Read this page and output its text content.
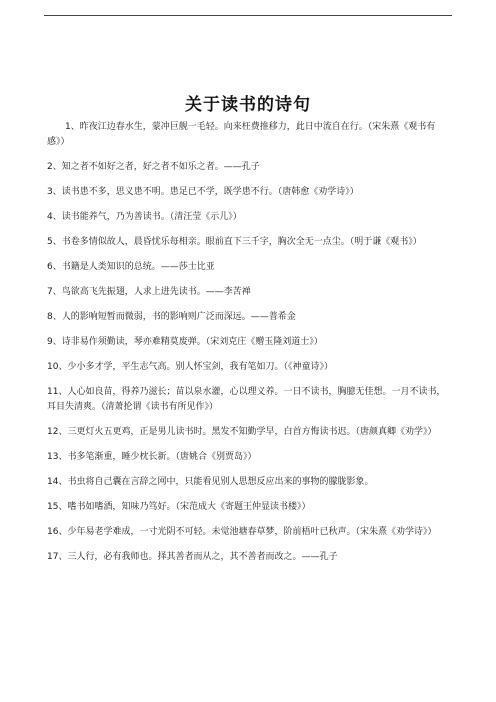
关于读书的诗句
1、昨夜江边春水生，蒙冲巨舰一毛轻。向来枉费推移力，此日中流自在行。（宋朱熹《观书有感》）
2、知之者不如好之者，好之者不如乐之者。——孔子
3、读书患不多，思义患不明。患足已不学，既学患不行。（唐韩愈《劝学诗》）
4、读书能养气，乃为善读书。（清汪莹《示儿》）
5、书卷多情似故人，晨昏忧乐每相亲。眼前直下三千字，胸次全无一点尘。（明于谦《观书》）
6、书籍是人类知识的总统。——莎士比亚
7、鸟欲高飞先振翅，人求上进先读书。——李苦禅
8、人的影响短暂而微弱，书的影响则广泛而深远。——普希金
9、诗非易作须勤读，琴亦难精莫废弹。（宋刘克庄《赠玉隆刘道士》）
10、少小多才学，平生志气高。别人怀宝剑，我有笔如刀。（《神童诗》）
11、人心如良苗，得养乃滋长；苗以泉水灌，心以理义养。一日不读书，胸臆无佳想。一月不读书，耳目失清爽。（清萧抡谓《读书有所见作》）
12、三更灯火五更鸡，正是男儿读书时。黑发不知勤学早，白首方悔读书迟。（唐颜真卿《劝学》）
13、书多笔渐重，睡少枕长新。（唐姚合《别贾岛》）
14、书虫将自己囊在言辞之网中，只能看见别人思想反应出来的事物的朦胧影象。
15、嗜书如嗜酒，知味乃笃好。（宋范成大《寄题王仲显读书楼》）
16、少年易老学难成，一寸光阴不可轻。未觉池塘春草梦，阶前梧叶已秋声。（宋朱熹《劝学诗》）
17、三人行，必有我师也。择其善者而从之，其不善者而改之。——孔子
